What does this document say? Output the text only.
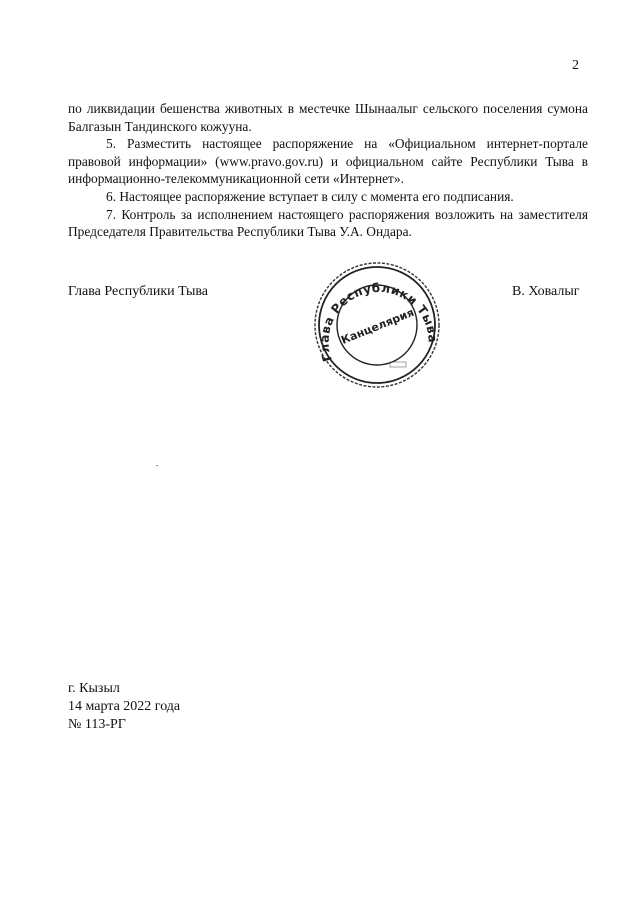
2

по ликвидации бешенства животных в местечке Шынаалыг сельского поселения сумона Балгазын Тандинского кожууна.

5. Разместить настоящее распоряжение на «Официальном интернет-портале правовой информации» (www.pravo.gov.ru) и официальном сайте Республики Тыва в информационно-телекоммуникационной сети «Интернет».

6. Настоящее распоряжение вступает в силу с момента его подписания.

7. Контроль за исполнением настоящего распоряжения возложить на заместителя Председателя Правительства Республики Тыва У.А. Ондара.

Глава Республики Тыва	В. Ховалыг
Глава Республики Тыва
Канцелярия
г. Кызыл
14 марта 2022 года
№ 113-РГ
